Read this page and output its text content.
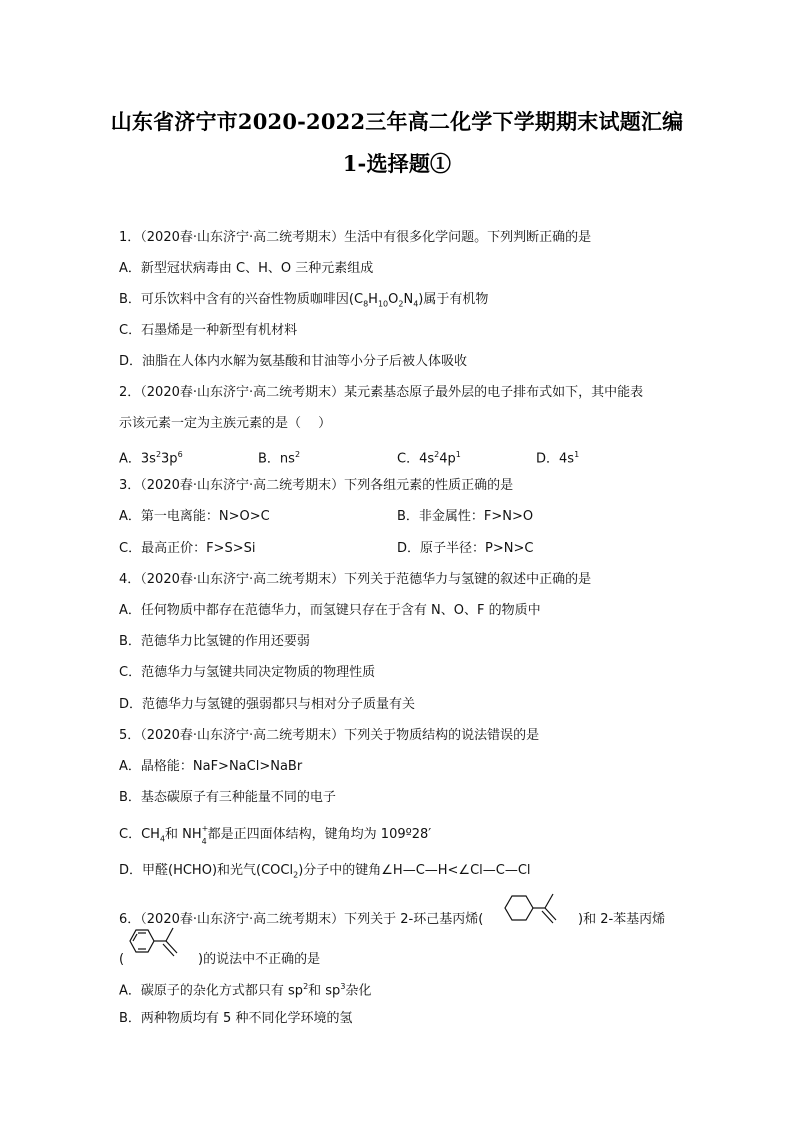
山东省济宁市2020-2022三年高二化学下学期期末试题汇编
1-选择题①
1．（2020春·山东济宁·高二统考期末）生活中有很多化学问题。下列判断正确的是
A．新型冠状病毒由 C、H、O 三种元素组成
B．可乐饮料中含有的兴奋性物质咖啡因$(C_8H_{10}O_2N_4)$属于有机物
C．石墨烯是一种新型有机材料
D．油脂在人体内水解为氨基酸和甘油等小分子后被人体吸收
2．（2020春·山东济宁·高二统考期末）某元素基态原子最外层的电子排布式如下，其中能表
示该元素一定为主族元素的是（　 ）
A．$3s^23p^6$	B．$ns^2$	C．$4s^24p^1$	D．$4s^1$
3．（2020春·山东济宁·高二统考期末）下列各组元素的性质正确的是
A．第一电离能：N>O>C	B．非金属性：F>N>O
C．最高正价：F>S>Si	D．原子半径：P>N>C
4．（2020春·山东济宁·高二统考期末）下列关于范德华力与氢键的叙述中正确的是
A．任何物质中都存在范德华力，而氢键只存在于含有 N、O、F 的物质中
B．范德华力比氢键的作用还要弱
C．范德华力与氢键共同决定物质的物理性质
D．范德华力与氢键的强弱都只与相对分子质量有关
5．（2020春·山东济宁·高二统考期末）下列关于物质结构的说法错误的是
A．晶格能：NaF>NaCl>NaBr
B．基态碳原子有三种能量不同的电子
C．$CH_4$和 NH +
4 都是正四面体结构，键角均为 109º28′
D．甲醛(HCHO)和光气(COCl$_2$)分子中的键角∠H—C—H<∠Cl—C—Cl
6．（2020春·山东济宁·高二统考期末）下列关于 2-环己基丙烯(	)和 2-苯基丙烯
(	)的说法中不正确的是
A．碳原子的杂化方式都只有 $sp^2$和 $sp^3$杂化
B．两种物质均有 5 种不同化学环境的氢
